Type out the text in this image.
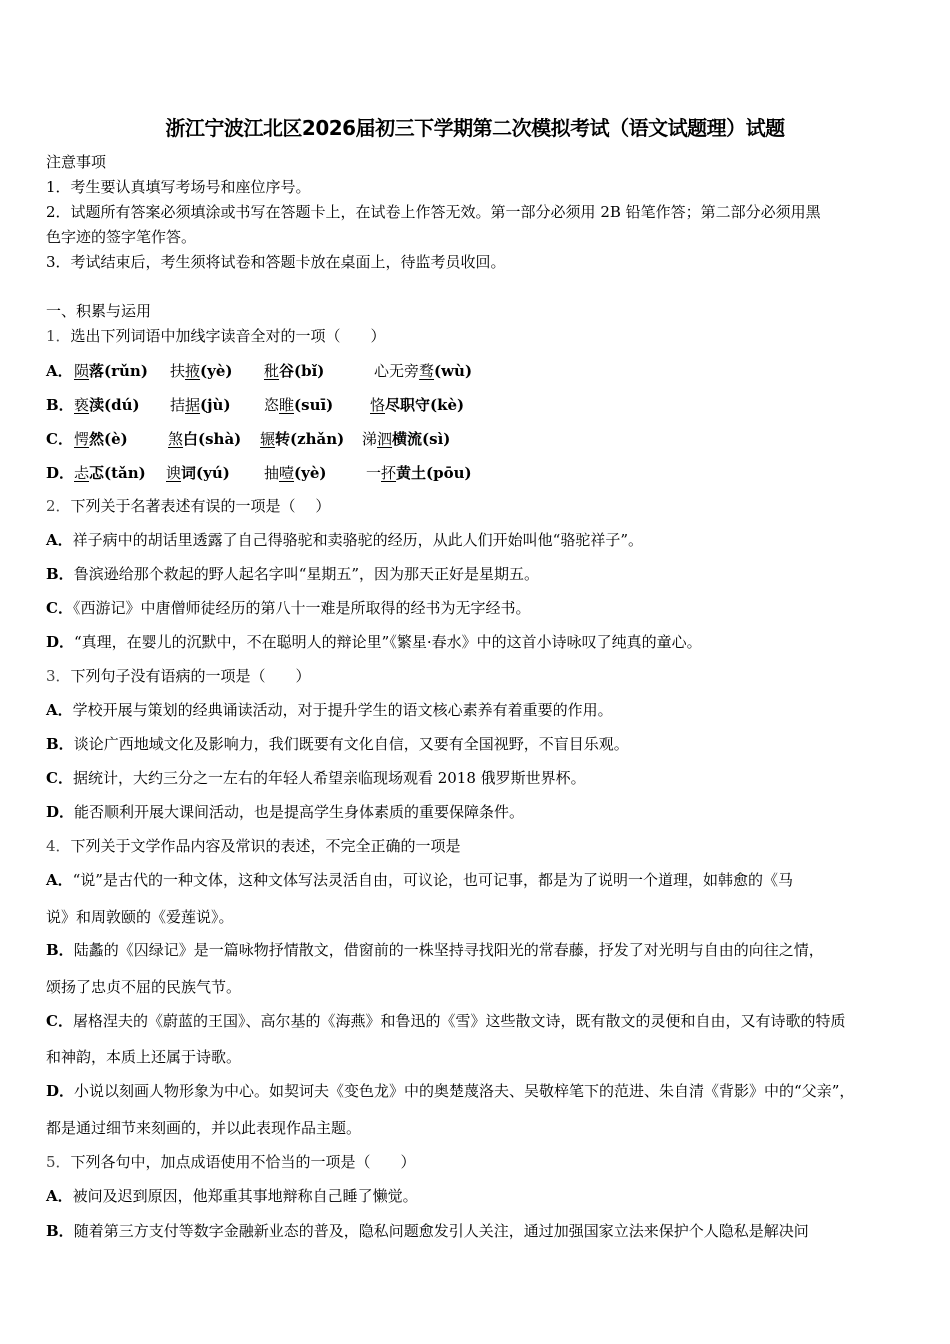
浙江宁波江北区2026届初三下学期第二次模拟考试（语文试题理）试题
注意事项
1．考生要认真填写考场号和座位序号。
2．试题所有答案必须填涂或书写在答题卡上，在试卷上作答无效。第一部分必须用 2B 铅笔作答；第二部分必须用黑
色字迹的签字笔作答。
3．考试结束后，考生须将试卷和答题卡放在桌面上，待监考员收回。
一、积累与运用
1．选出下列词语中加线字读音全对的一项（　　）
A． 陨落(rǔn) 扶掖(yè) 秕谷(bǐ)	心无旁骛(wù)
B． 亵渎(dú) 拮据(jù) 恣睢(suī) 恪尽职守(kè)
C． 愕然(è)	煞白(shà) 辗转(zhǎn) 涕泗横流(sì)
D． 忐忑(tǎn) 谀词(yú) 抽噎(yè)	一抔黄土(pōu)
2．下列关于名著表述有误的一项是（　 ）
A．祥子病中的胡话里透露了自己得骆驼和卖骆驼的经历，从此人们开始叫他“骆驼祥子”。
B．鲁滨逊给那个救起的野人起名字叫“星期五”，因为那天正好是星期五。
C．《西游记》中唐僧师徒经历的第八十一难是所取得的经书为无字经书。
D．“真理，在婴儿的沉默中，不在聪明人的辩论里”《繁星·春水》中的这首小诗咏叹了纯真的童心。
3．下列句子没有语病的一项是（　　）
A．学校开展与策划的经典诵读活动，对于提升学生的语文核心素养有着重要的作用。
B．谈论广西地域文化及影响力，我们既要有文化自信，又要有全国视野，不盲目乐观。
C．据统计，大约三分之一左右的年轻人希望亲临现场观看 2018 俄罗斯世界杯。
D．能否顺利开展大课间活动，也是提高学生身体素质的重要保障条件。
4．下列关于文学作品内容及常识的表述，不完全正确的一项是
A．“说”是古代的一种文体，这种文体写法灵活自由，可议论，也可记事，都是为了说明一个道理，如韩愈的《马
说》和周敦颐的《爱莲说》。
B．陆蠡的《囚绿记》是一篇咏物抒情散文，借窗前的一株坚持寻找阳光的常春藤，抒发了对光明与自由的向往之情，
颂扬了忠贞不屈的民族气节。
C．屠格涅夫的《蔚蓝的王国》、高尔基的《海燕》和鲁迅的《雪》这些散文诗，既有散文的灵便和自由，又有诗歌的特质
和神韵，本质上还属于诗歌。
D．小说以刻画人物形象为中心。如契诃夫《变色龙》中的奥楚蔑洛夫、吴敬梓笔下的范进、朱自清《背影》中的“父亲”，
都是通过细节来刻画的，并以此表现作品主题。
5．下列各句中，加点成语使用不恰当的一项是（　　）
A．被问及迟到原因，他郑重其事地辩称自己睡了懒觉。
B．随着第三方支付等数字金融新业态的普及，隐私问题愈发引人关注，通过加强国家立法来保护个人隐私是解决问
